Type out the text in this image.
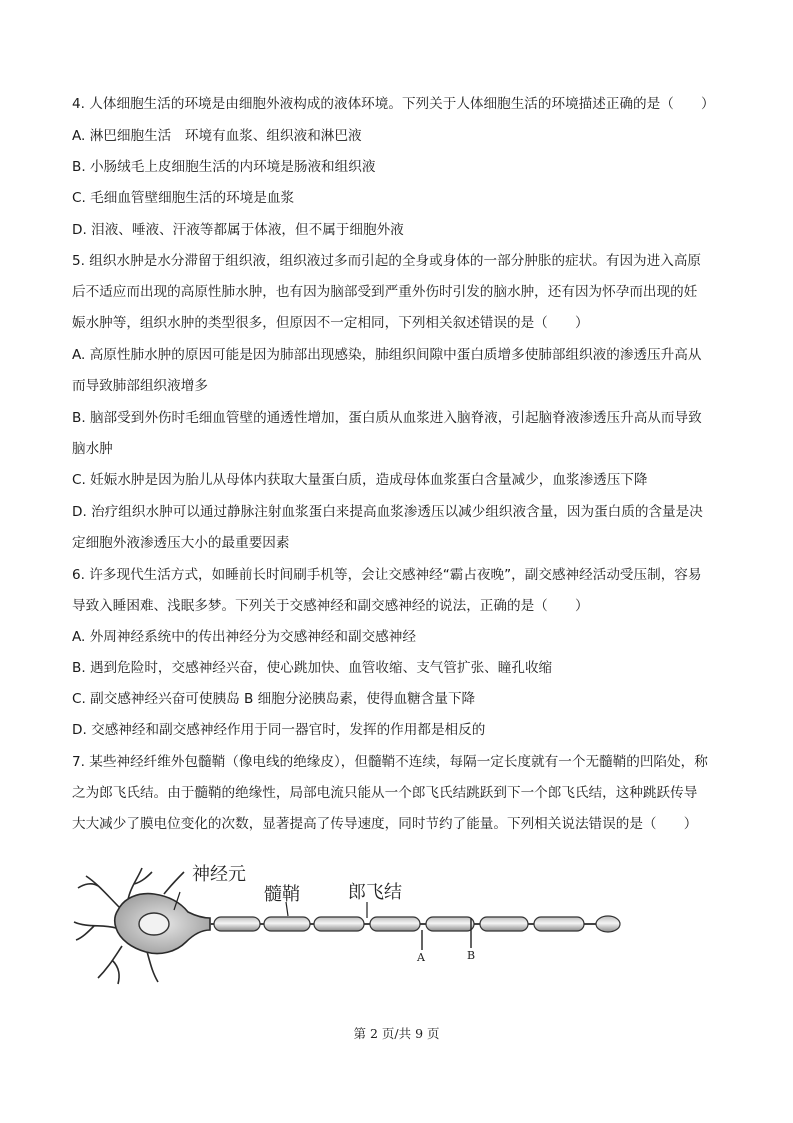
4. 人体细胞生活的环境是由细胞外液构成的液体环境。下列关于人体细胞生活的环境描述正确的是（　　）
A. 淋巴细胞生活　环境有血浆、组织液和淋巴液
B. 小肠绒毛上皮细胞生活的内环境是肠液和组织液
C. 毛细血管壁细胞生活的环境是血浆
D. 泪液、唾液、汗液等都属于体液，但不属于细胞外液
5. 组织水肿是水分滞留于组织液，组织液过多而引起的全身或身体的一部分肿胀的症状。有因为进入高原
后不适应而出现的高原性肺水肿，也有因为脑部受到严重外伤时引发的脑水肿，还有因为怀孕而出现的妊
娠水肿等，组织水肿的类型很多，但原因不一定相同，下列相关叙述错误的是（　　）
A. 高原性肺水肿的原因可能是因为肺部出现感染，肺组织间隙中蛋白质增多使肺部组织液的渗透压升高从
而导致肺部组织液增多
B. 脑部受到外伤时毛细血管壁的通透性增加，蛋白质从血浆进入脑脊液，引起脑脊液渗透压升高从而导致
脑水肿
C. 妊娠水肿是因为胎儿从母体内获取大量蛋白质，造成母体血浆蛋白含量减少，血浆渗透压下降
D. 治疗组织水肿可以通过静脉注射血浆蛋白来提高血浆渗透压以减少组织液含量，因为蛋白质的含量是决
定细胞外液渗透压大小的最重要因素
6. 许多现代生活方式，如睡前长时间刷手机等，会让交感神经“霸占夜晚”，副交感神经活动受压制，容易
导致入睡困难、浅眠多梦。下列关于交感神经和副交感神经的说法，正确的是（　　）
A. 外周神经系统中的传出神经分为交感神经和副交感神经
B. 遇到危险时，交感神经兴奋，使心跳加快、血管收缩、支气管扩张、瞳孔收缩
C. 副交感神经兴奋可使胰岛 B 细胞分泌胰岛素，使得血糖含量下降
D. 交感神经和副交感神经作用于同一器官时，发挥的作用都是相反的
7. 某些神经纤维外包髓鞘（像电线的绝缘皮），但髓鞘不连续，每隔一定长度就有一个无髓鞘的凹陷处，称
之为郎飞氏结。由于髓鞘的绝缘性，局部电流只能从一个郎飞氏结跳跃到下一个郎飞氏结，这种跳跃传导
大大减少了膜电位变化的次数，显著提高了传导速度，同时节约了能量。下列相关说法错误的是（　　）
神经元
髓鞘	郎飞结
A	B
第 2 页/共 9 页
